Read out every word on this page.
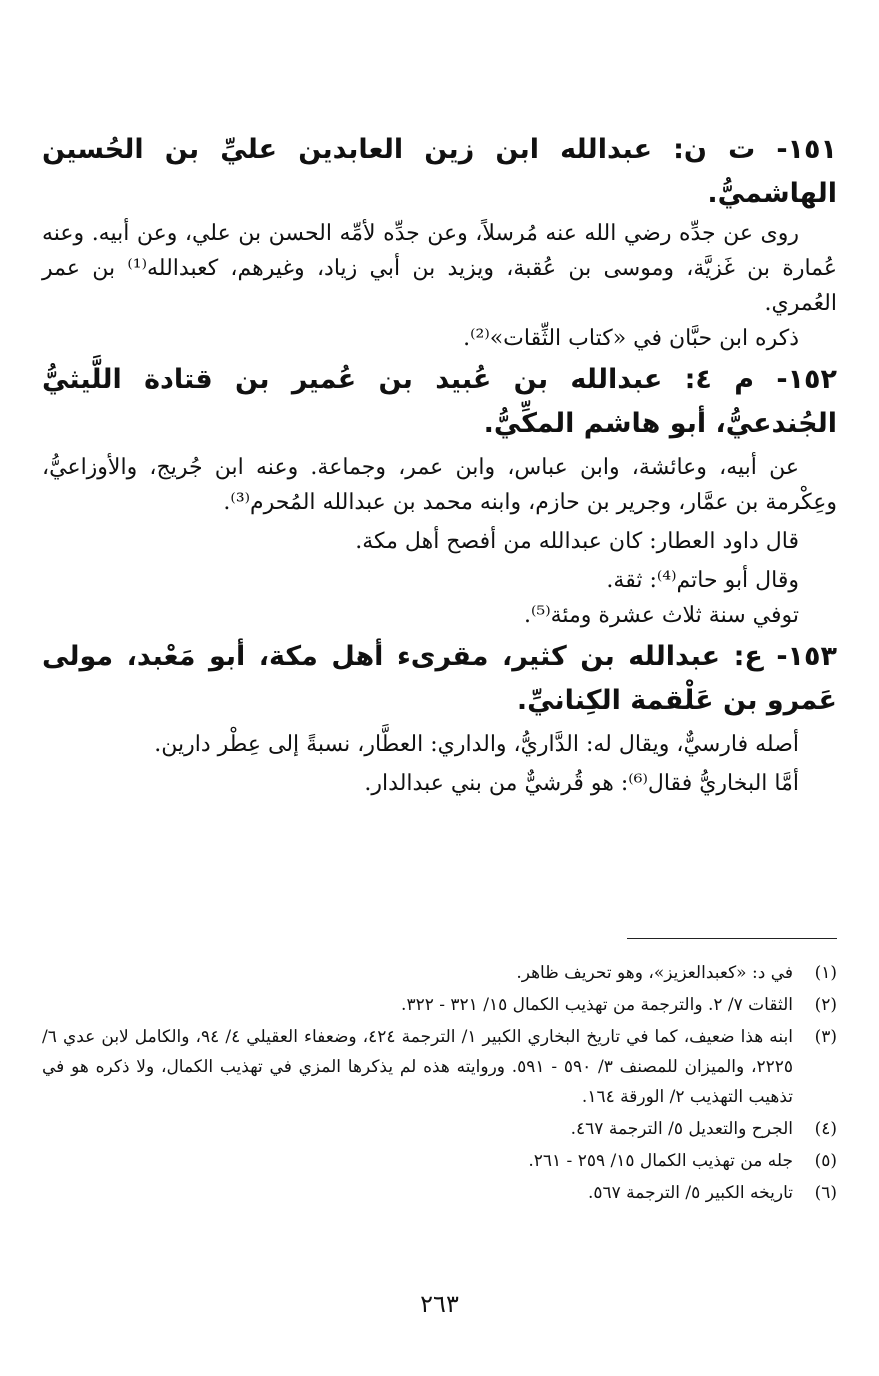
١٥١- ت ن: عبدالله ابن زين العابدين عليِّ بن الحُسين الهاشميُّ.

روى عن جدِّه رضي الله عنه مُرسلاً، وعن جدِّه لأمِّه الحسن بن علي، وعن أبيه. وعنه عُمارة بن غَزيَّة، وموسى بن عُقبة، ويزيد بن أبي زياد، وغيرهم، كعبدالله⁽¹⁾ بن عمر العُمري.

ذكره ابن حبَّان في «كتاب الثِّقات»⁽²⁾.

١٥٢- م ٤: عبدالله بن عُبيد بن عُمير بن قتادة اللَّيثيُّ الجُندعيُّ، أبو هاشم المكِّيُّ.

عن أبيه، وعائشة، وابن عباس، وابن عمر، وجماعة. وعنه ابن جُريج، والأوزاعيُّ، وعِكْرمة بن عمَّار، وجرير بن حازم، وابنه محمد بن عبدالله المُحرم⁽³⁾.

قال داود العطار: كان عبدالله من أفصح أهل مكة.

وقال أبو حاتم⁽⁴⁾: ثقة.

توفي سنة ثلاث عشرة ومئة⁽⁵⁾.

١٥٣- ع: عبدالله بن كثير، مقرىء أهل مكة، أبو مَعْبد، مولى عَمرو بن عَلْقمة الكِنانيِّ.

أصله فارسيٌّ، ويقال له: الدَّاريُّ، والداري: العطَّار، نسبةً إلى عِطْر دارين.

أمَّا البخاريُّ فقال⁽⁶⁾: هو قُرشيٌّ من بني عبدالدار.

(١)
في د: «كعبدالعزيز»، وهو تحريف ظاهر.
(٢)
الثقات ٧/ ٢. والترجمة من تهذيب الكمال ١٥/ ٣٢١ - ٣٢٢.
(٣)
ابنه هذا ضعيف، كما في تاريخ البخاري الكبير ١/ الترجمة ٤٢٤، وضعفاء العقيلي ٤/ ٩٤، والكامل لابن عدي ٦/ ٢٢٢٥، والميزان للمصنف ٣/ ٥٩٠ - ٥٩١. وروايته هذه لم يذكرها المزي في تهذيب الكمال، ولا ذكره هو في تذهيب التهذيب ٢/ الورقة ١٦٤.
(٤)
الجرح والتعديل ٥/ الترجمة ٤٦٧.
(٥)
جله من تهذيب الكمال ١٥/ ٢٥٩ - ٢٦١.
(٦)
تاريخه الكبير ٥/ الترجمة ٥٦٧.
٢٦٣
